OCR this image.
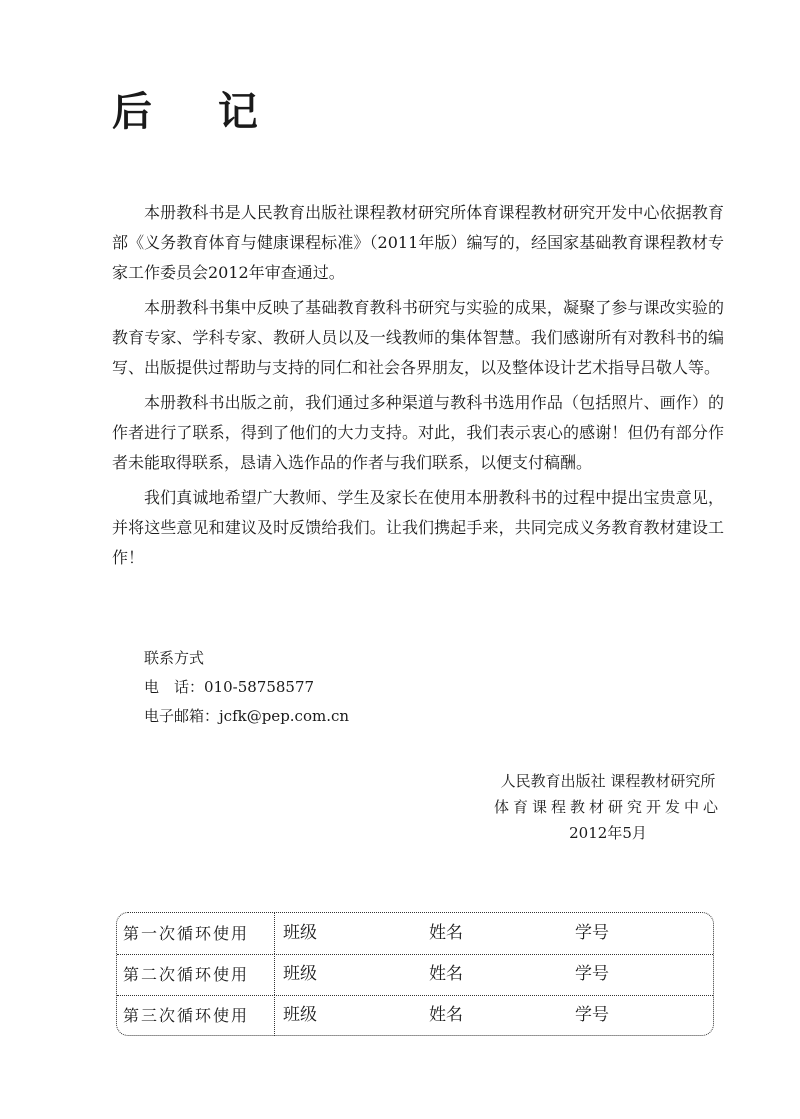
后 记

本册教科书是人民教育出版社课程教材研究所体育课程教材研究开发中心依据教育部《义务教育体育与健康课程标准》（2011年版）编写的，经国家基础教育课程教材专家工作委员会2012年审查通过。

本册教科书集中反映了基础教育教科书研究与实验的成果，凝聚了参与课改实验的教育专家、学科专家、教研人员以及一线教师的集体智慧。我们感谢所有对教科书的编写、出版提供过帮助与支持的同仁和社会各界朋友，以及整体设计艺术指导吕敬人等。

本册教科书出版之前，我们通过多种渠道与教科书选用作品（包括照片、画作）的作者进行了联系，得到了他们的大力支持。对此，我们表示衷心的感谢！但仍有部分作者未能取得联系，恳请入选作品的作者与我们联系，以便支付稿酬。

我们真诚地希望广大教师、学生及家长在使用本册教科书的过程中提出宝贵意见，并将这些意见和建议及时反馈给我们。让我们携起手来，共同完成义务教育教材建设工作！

联系方式
电　话：010-58758577
电子邮箱：jcfk@pep.com.cn
人民教育出版社 课程教材研究所
体育课程教材研究开发中心
2012年5月
第一次循环使用	班级	姓名	学号
第二次循环使用	班级	姓名	学号
第三次循环使用	班级	姓名	学号
